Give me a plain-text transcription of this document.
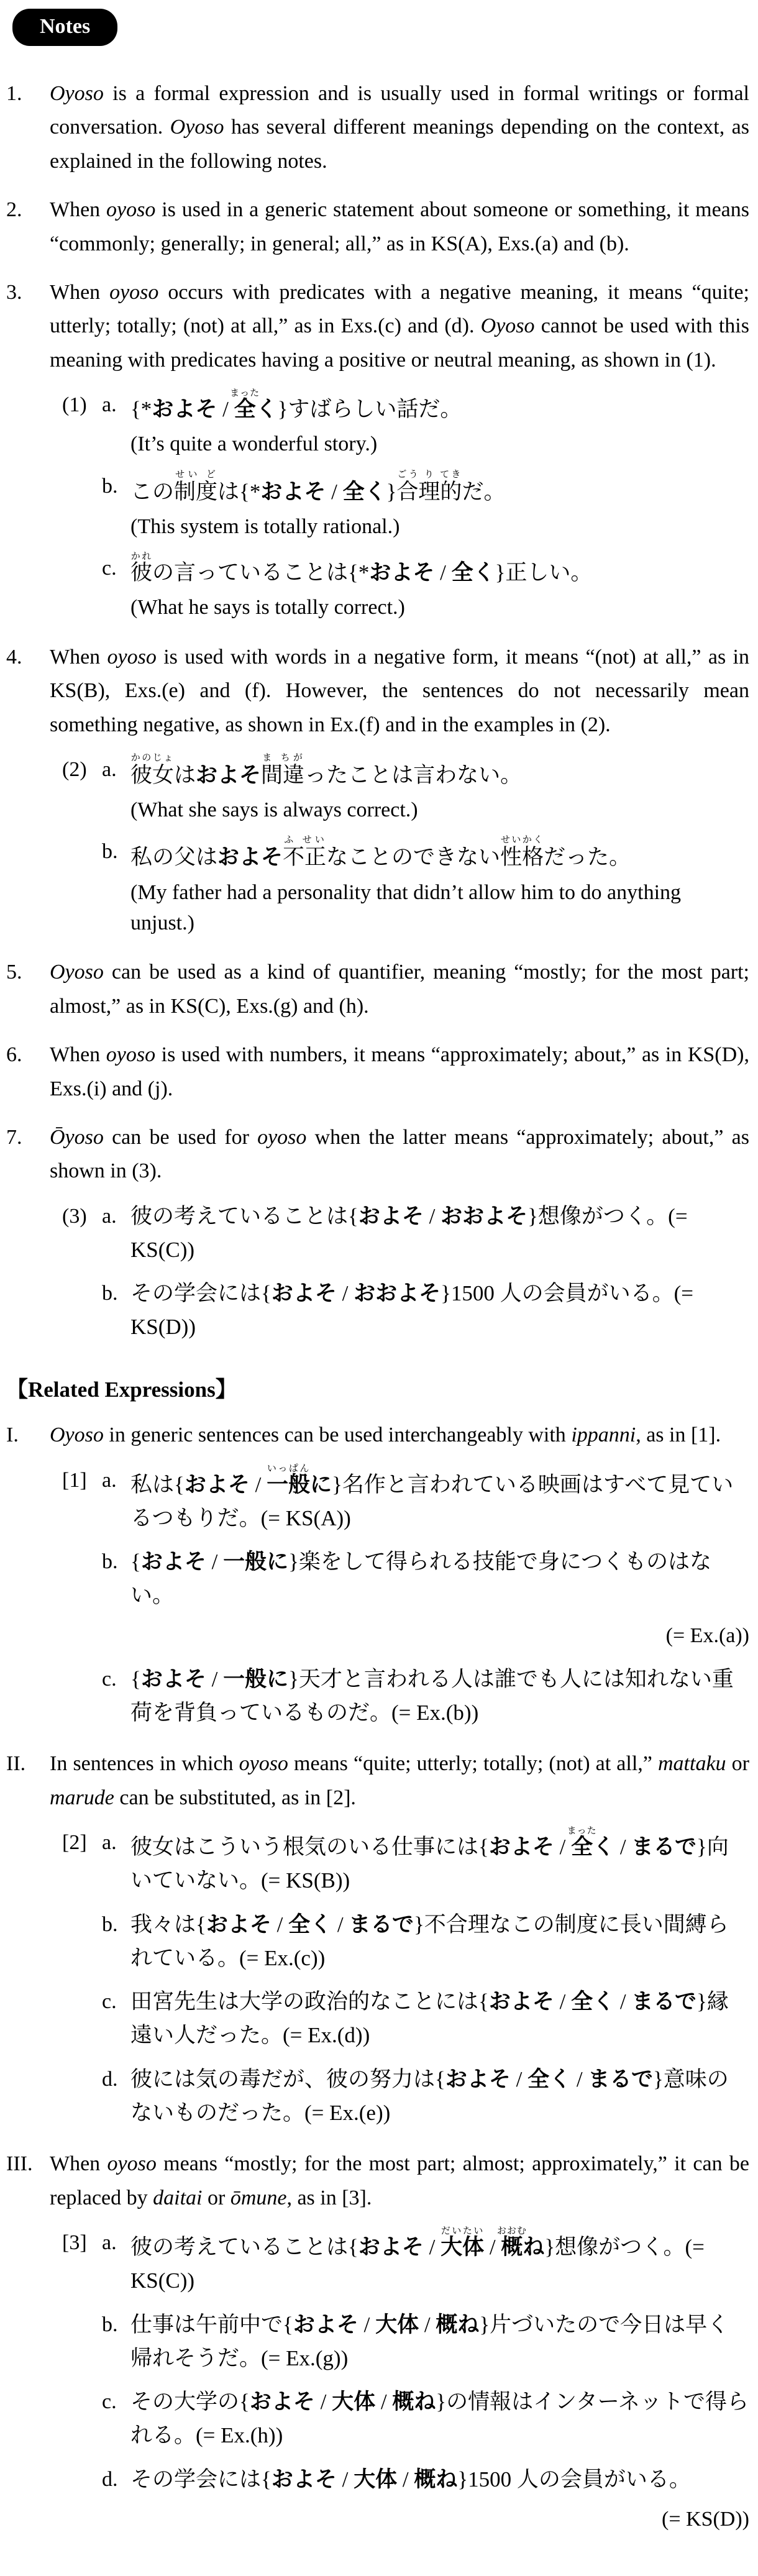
Notes
1.	Oyoso is a formal expression and is usually used in formal writings or formal conversation. Oyoso has several different meanings depending on the context, as explained in the following notes.
2.	When oyoso is used in a generic statement about someone or something, it means “commonly; generally; in general; all,” as in KS(A), Exs.(a) and (b).
3.	When oyoso occurs with predicates with a negative meaning, it means “quite; utterly; totally; (not) at all,” as in Exs.(c) and (d). Oyoso cannot be used with this meaning with predicates having a positive or neutral meaning, as shown in (1).
(1) a. {*およそ / 全まったく}すばらしい話だ。
(It’s quite a wonderful story.)
b. この制度せい どは{*およそ / 全く}合理的ごう り てきだ。
(This system is totally rational.)
c. 彼かれの言っていることは{*およそ / 全く}正しい。
(What he says is totally correct.)
4.	When oyoso is used with words in a negative form, it means “(not) at all,” as in KS(B), Exs.(e) and (f). However, the sentences do not necessarily mean something negative, as shown in Ex.(f) and in the examples in (2).
(2) a. 彼女かのじょはおよそ間違ま ちがったことは言わない。
(What she says is always correct.)
b. 私の父はおよそ不正ふ せいなことのできない性格せいかくだった。
(My father had a personality that didn’t allow him to do anything unjust.)
5.	Oyoso can be used as a kind of quantifier, meaning “mostly; for the most part; almost,” as in KS(C), Exs.(g) and (h).
6.	When oyoso is used with numbers, it means “approximately; about,” as in KS(D), Exs.(i) and (j).
7.	Ōyoso can be used for oyoso when the latter means “approximately; about,” as shown in (3).
(3) a. 彼の考えていることは{およそ / おおよそ}想像がつく。(= KS(C))
b. その学会には{およそ / おおよそ}1500 人の会員がいる。(= KS(D))
【Related Expressions】
I.	Oyoso in generic sentences can be used interchangeably with ippanni, as in [1].
[1] a. 私は{およそ / 一般いっぱんに}名作と言われている映画はすべて見ているつもりだ。(= KS(A))
b. {およそ / 一般に}楽をして得られる技能で身につくものはない。
(= Ex.(a))
c. {およそ / 一般に}天才と言われる人は誰でも人には知れない重荷を背負っているものだ。(= Ex.(b))
II.	In sentences in which oyoso means “quite; utterly; totally; (not) at all,” mattaku or marude can be substituted, as in [2].
[2] a. 彼女はこういう根気のいる仕事には{およそ / 全まったく / まるで}向いていない。(= KS(B))
b. 我々は{およそ / 全く / まるで}不合理なこの制度に長い間縛られている。(= Ex.(c))
c. 田宮先生は大学の政治的なことには{およそ / 全く / まるで}縁遠い人だった。(= Ex.(d))
d. 彼には気の毒だが、彼の努力は{およそ / 全く / まるで}意味のないものだった。(= Ex.(e))
III. When oyoso means “mostly; for the most part; almost; approximately,” it can be replaced by daitai or ōmune, as in [3].
[3] a. 彼の考えていることは{およそ / 大体だいたい / 概おおむね}想像がつく。(= KS(C))
b. 仕事は午前中で{およそ / 大体 / 概ね}片づいたので今日は早く帰れそうだ。(= Ex.(g))
c. その大学の{およそ / 大体 / 概ね}の情報はインターネットで得られる。(= Ex.(h))
d. その学会には{およそ / 大体 / 概ね}1500 人の会員がいる。
(= KS(D))
